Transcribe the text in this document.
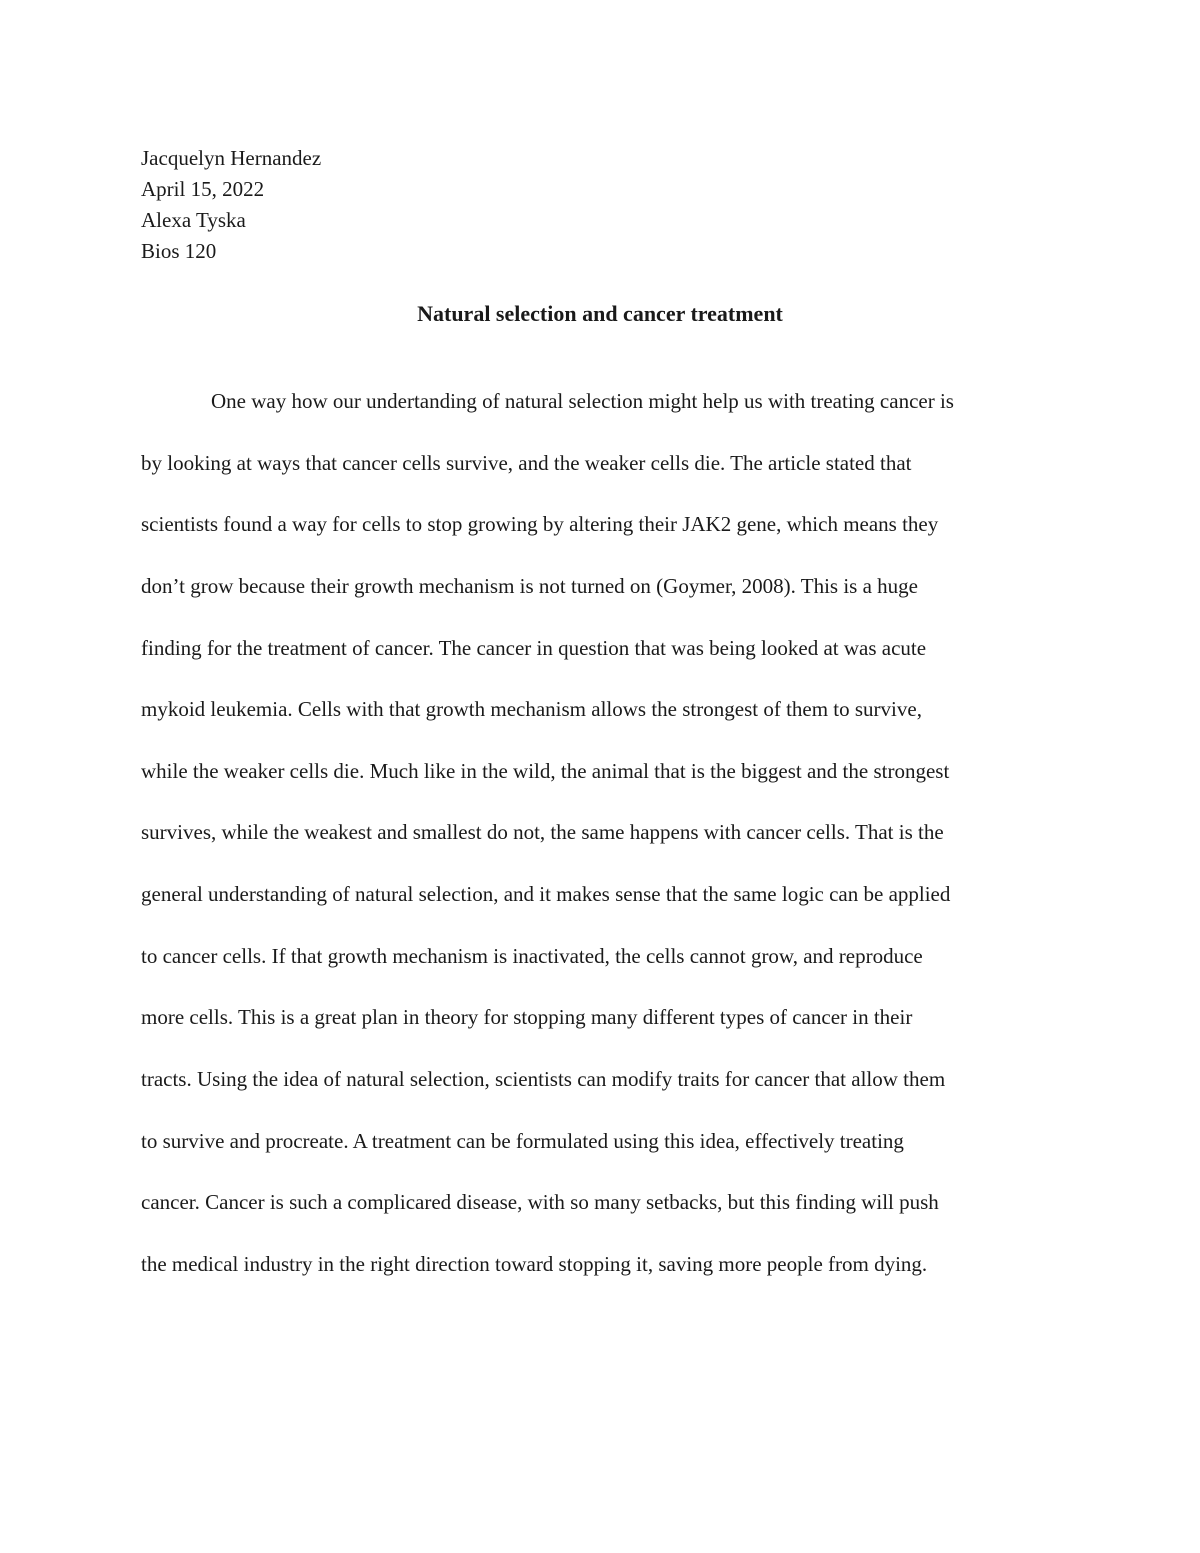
Jacquelyn Hernandez
April 15, 2022
Alexa Tyska
Bios 120
Natural selection and cancer treatment
One way how our undertanding of natural selection might help us with treating cancer is
by looking at ways that cancer cells survive, and the weaker cells die. The article stated that
scientists found a way for cells to stop growing by altering their JAK2 gene, which means they
don’t grow because their growth mechanism is not turned on (Goymer, 2008). This is a huge
finding for the treatment of cancer. The cancer in question that was being looked at was acute
mykoid leukemia. Cells with that growth mechanism allows the strongest of them to survive,
while the weaker cells die. Much like in the wild, the animal that is the biggest and the strongest
survives, while the weakest and smallest do not, the same happens with cancer cells. That is the
general understanding of natural selection, and it makes sense that the same logic can be applied
to cancer cells. If that growth mechanism is inactivated, the cells cannot grow, and reproduce
more cells. This is a great plan in theory for stopping many different types of cancer in their
tracts. Using the idea of natural selection, scientists can modify traits for cancer that allow them
to survive and procreate. A treatment can be formulated using this idea, effectively treating
cancer. Cancer is such a complicared disease, with so many setbacks, but this finding will push
the medical industry in the right direction toward stopping it, saving more people from dying.
